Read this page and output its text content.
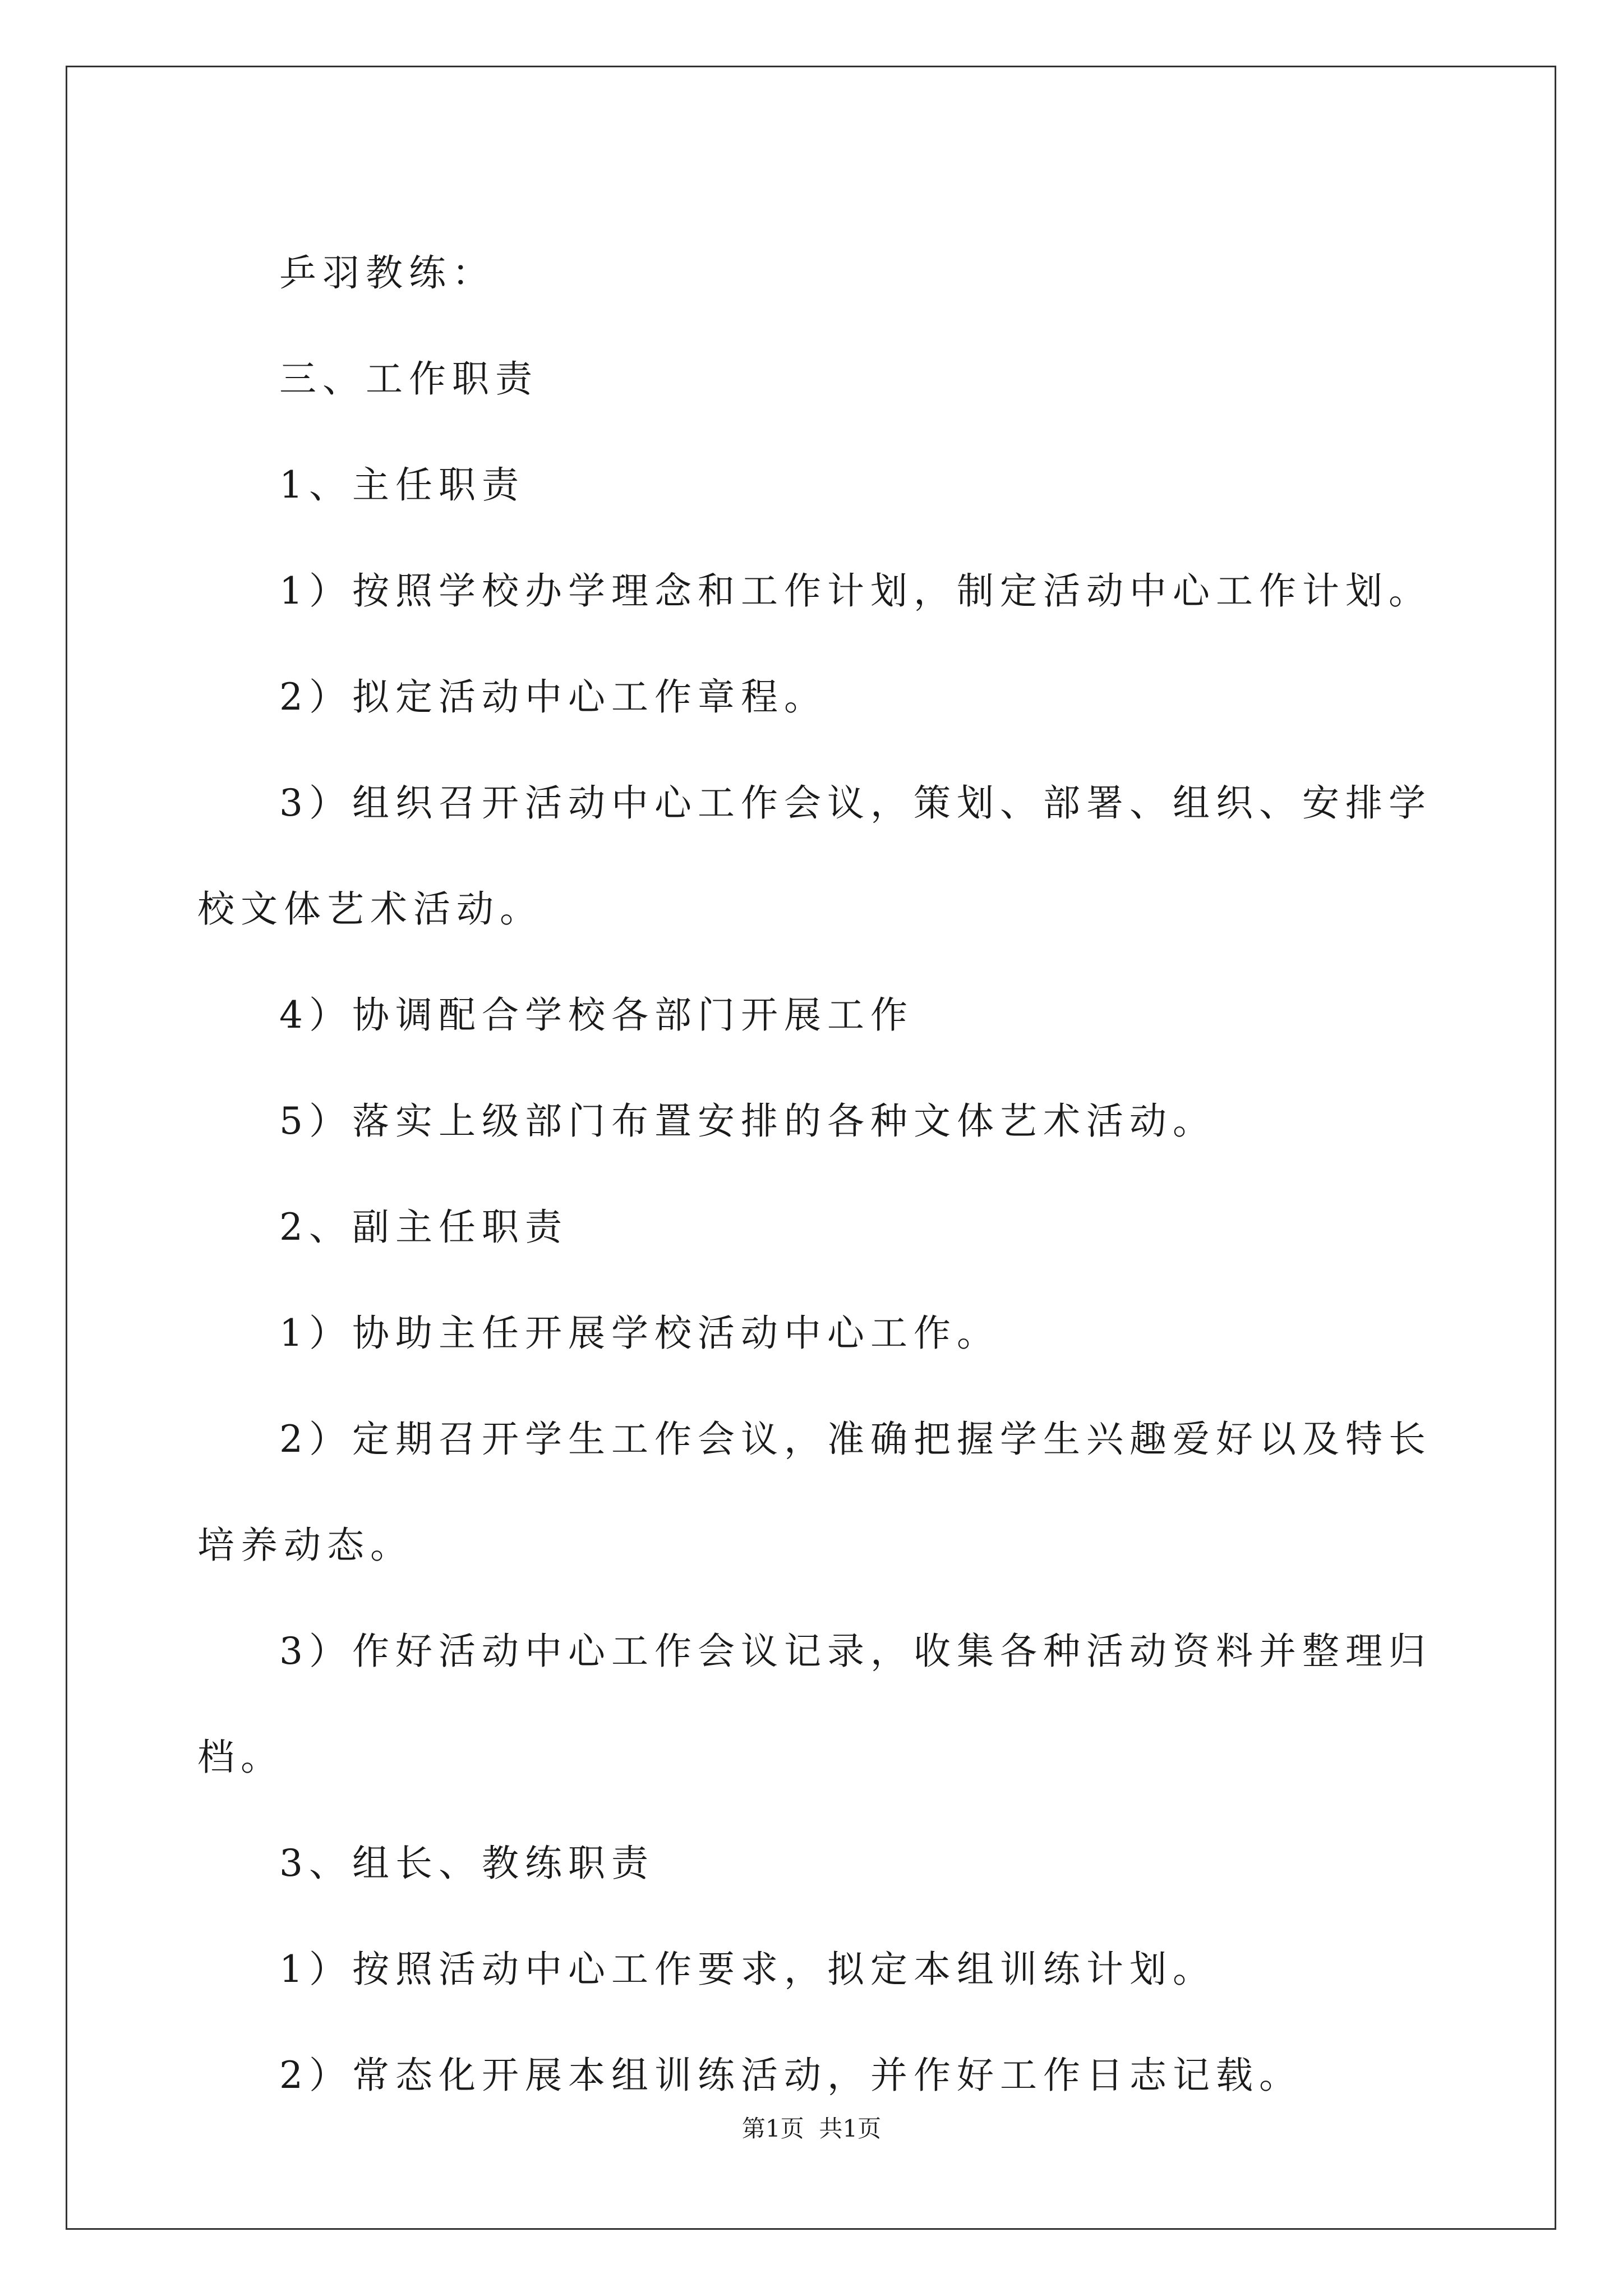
乒羽教练：

三、工作职责

1、主任职责

1）按照学校办学理念和工作计划，制定活动中心工作计划。

2）拟定活动中心工作章程。

3）组织召开活动中心工作会议，策划、部署、组织、安排学校文体艺术活动。

4）协调配合学校各部门开展工作

5）落实上级部门布置安排的各种文体艺术活动。

2、副主任职责

1）协助主任开展学校活动中心工作。

2）定期召开学生工作会议，准确把握学生兴趣爱好以及特长培养动态。

3）作好活动中心工作会议记录，收集各种活动资料并整理归档。

3、组长、教练职责

1）按照活动中心工作要求，拟定本组训练计划。

2）常态化开展本组训练活动，并作好工作日志记载。

第1页  共1页
